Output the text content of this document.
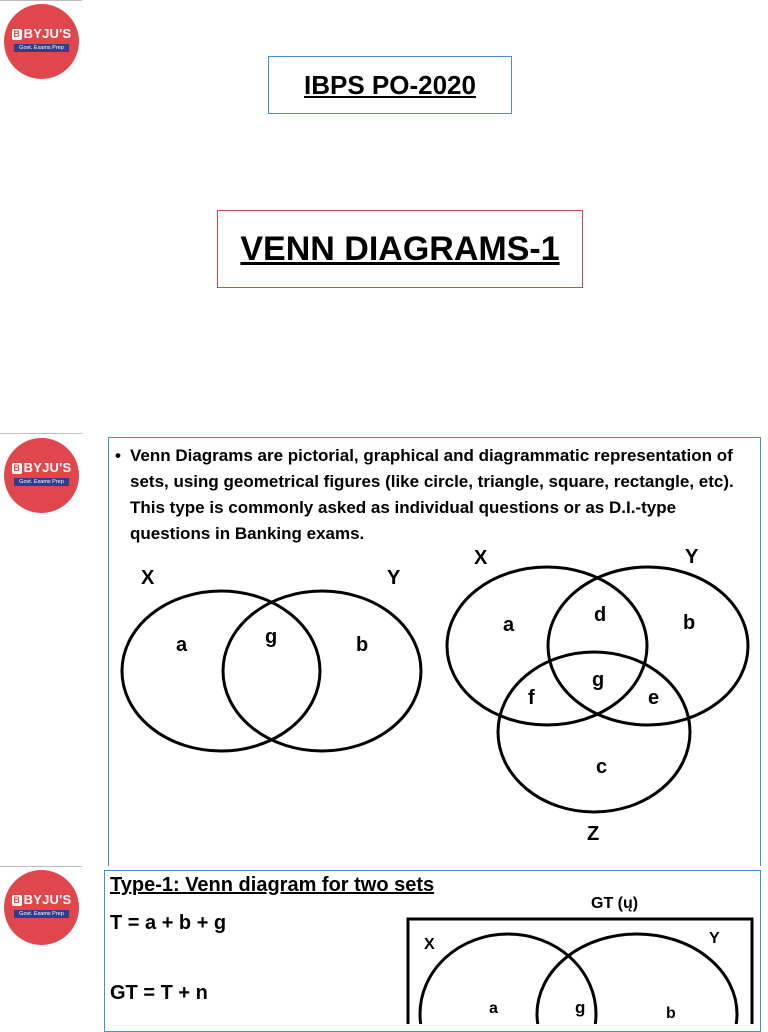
B BYJU'S
Govt. Exams Prep
IBPS PO-2020
VENN DIAGRAMS-1
B BYJU'S
Govt. Exams Prep
• Venn Diagrams are pictorial, graphical and diagrammatic representation of sets, using geometrical figures (like circle, triangle, square, rectangle, etc). This type is commonly asked as individual questions or as D.I.-type questions in Banking exams.
X	Y
a	g	b
X	Y
Z
a	d	b
g
f	e
c
B BYJU'S
Govt. Exams Prep
Type-1: Venn diagram for two sets
T = a + b + g
GT = T + n
GT (ų)
X	Y
a	g	b
